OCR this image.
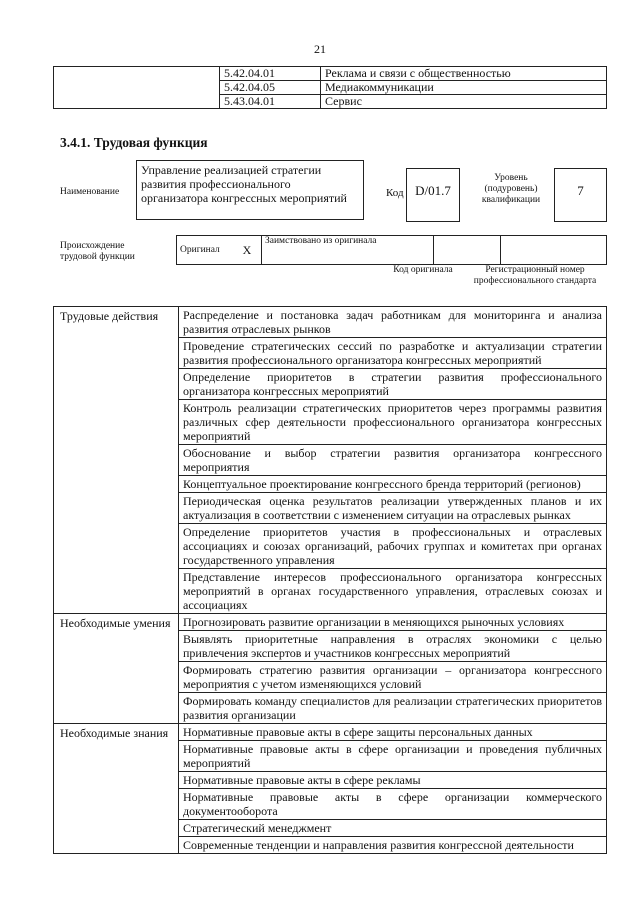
21
	5.42.04.01	Реклама и связи с общественностью
	5.42.04.05	Медиакоммуникации
	5.43.04.01	Сервис
3.4.1. Трудовая функция
Наименование
Управление реализацией стратегии развития профессионального организатора конгрессных мероприятий	Код D/01.7
Уровень (подуровень) квалификации
7
Происхождение трудовой функции
Оригинал	X	Заимствовано из оригинала		
Код оригинала	Регистрационный номер профессионального стандарта
Трудовые действия	Распределение и постановка задач работникам для мониторинга и анализа развития отраслевых рынков
	Проведение стратегических сессий по разработке и актуализации стратегии развития профессионального организатора конгрессных мероприятий
	Определение приоритетов в стратегии развития профессионального организатора конгрессных мероприятий
	Контроль реализации стратегических приоритетов через программы развития различных сфер деятельности профессионального организатора конгрессных мероприятий
	Обоснование и выбор стратегии развития организатора конгрессного мероприятия
	Концептуальное проектирование конгрессного бренда территорий (регионов)
	Периодическая оценка результатов реализации утвержденных планов и их актуализация в соответствии с изменением ситуации на отраслевых рынках
	Определение приоритетов участия в профессиональных и отраслевых ассоциациях и союзах организаций, рабочих группах и комитетах при органах государственного управления
	Представление интересов профессионального организатора конгрессных мероприятий в органах государственного управления, отраслевых союзах и ассоциациях
Необходимые умения	Прогнозировать развитие организации в меняющихся рыночных условиях
	Выявлять приоритетные направления в отраслях экономики с целью привлечения экспертов и участников конгрессных мероприятий
	Формировать стратегию развития организации – организатора конгрессного мероприятия с учетом изменяющихся условий
	Формировать команду специалистов для реализации стратегических приоритетов развития организации
Необходимые знания	Нормативные правовые акты в сфере защиты персональных данных
	Нормативные правовые акты в сфере организации и проведения публичных мероприятий
	Нормативные правовые акты в сфере рекламы
	Нормативные правовые акты в сфере организации коммерческого документооборота
	Стратегический менеджмент
	Современные тенденции и направления развития конгрессной деятельности
